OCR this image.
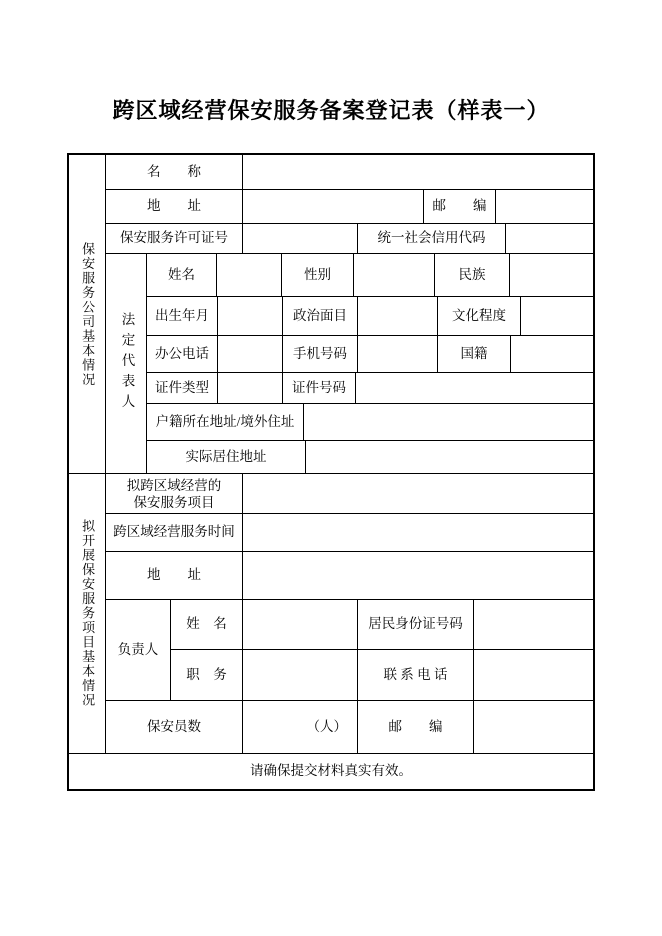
跨区域经营保安服务备案登记表（样表一）
保安服务公司基本情况
名　　称
地　　址	邮　　编
保安服务许可证号	统一社会信用代码
法定代表人
姓名	性别	民族
出生年月	政治面目	文化程度
办公电话	手机号码	国籍
证件类型	证件号码
户籍所在地址/境外住址
实际居住地址
拟开展保安服务项目基本情况
拟跨区域经营的
保安服务项目
跨区域经营服务时间
地　　址
负责人
姓　名	居民身份证号码
职　务	联 系 电 话
保安员数	（人）	邮　　编
请确保提交材料真实有效。
